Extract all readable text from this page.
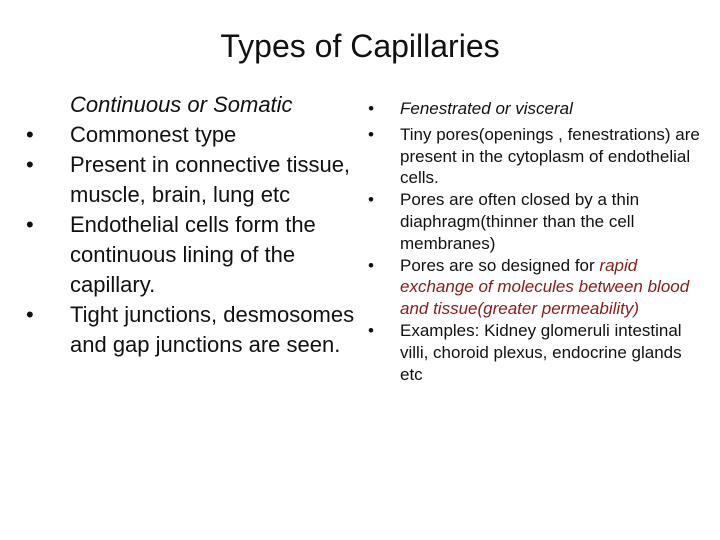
Types of Capillaries
Continuous or Somatic
• Commonest type
• Present in connective tissue, muscle, brain, lung etc
• Endothelial cells form the continuous lining of the capillary.
• Tight junctions, desmosomes and gap junctions are seen.
• Fenestrated or visceral
• Tiny pores(openings , fenestrations) are present in the cytoplasm of endothelial cells.
• Pores are often closed by a thin diaphragm(thinner than the cell membranes)
• Pores are so designed for rapid exchange of molecules between blood and tissue(greater permeability)
• Examples: Kidney glomeruli intestinal villi, choroid plexus, endocrine glands etc
